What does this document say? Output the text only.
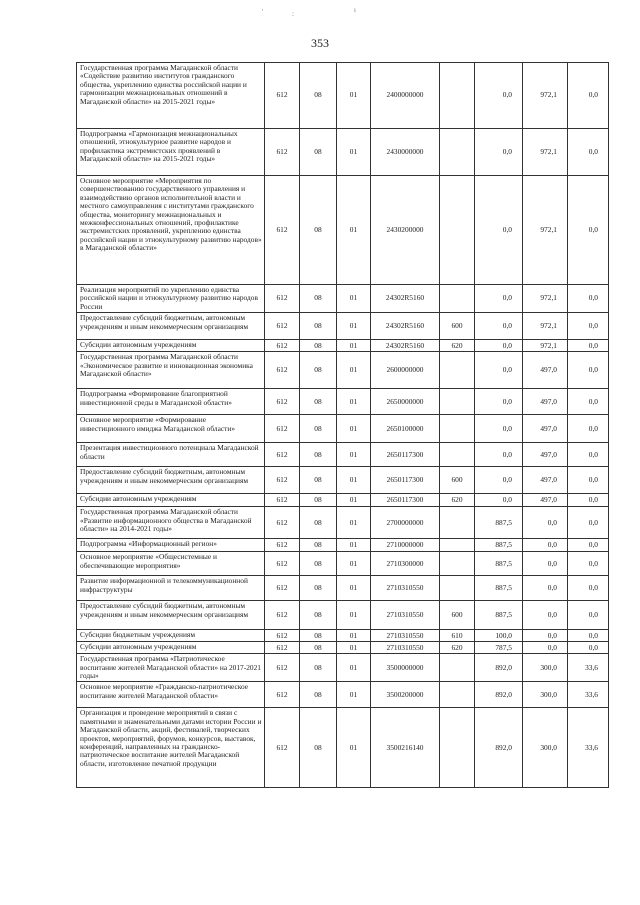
'	:	ι
353
Государственная программа Магаданской области «Содействие развитию институтов гражданского общества, укреплению единства российской нации и гармонизации межнациональных отношений в Магаданской области» на 2015-2021 годы»	612	08	01	2400000000		0,0	972,1	0,0
Подпрограмма «Гармонизация межнациональных отношений, этнокультурное развитие народов и профилактика экстремистских проявлений в Магаданской области» на 2015-2021 годы»	612	08	01	2430000000		0,0	972,1	0,0
Основное мероприятие «Мероприятия по совершенствованию государственного управления и взаимодействию органов исполнительной власти и местного самоуправления с институтами гражданского общества, мониторингу межнациональных и межконфессиональных отношений, профилактике экстремистских проявлений, укреплению единства российской нации и этнокультурному развитию народов» в Магаданской области»	612	08	01	2430200000		0,0	972,1	0,0
Реализация мероприятий по укреплению единства российской нации и этнокультурному развитию народов России	612	08	01	24302R5160		0,0	972,1	0,0
Предоставление субсидий бюджетным, автономным учреждениям и иным некоммерческим организациям	612	08	01	24302R5160	600	0,0	972,1	0,0
Субсидии автономным учреждениям	612	08	01	24302R5160	620	0,0	972,1	0,0
Государственная программа Магаданской области «Экономическое развитие и инновационная экономика Магаданской области»	612	08	01	2600000000		0,0	497,0	0,0
Подпрограмма «Формирование благоприятной инвестиционной среды в Магаданской области»	612	08	01	2650000000		0,0	497,0	0,0
Основное мероприятие «Формирование инвестиционного имиджа Магаданской области»	612	08	01	2650100000		0,0	497,0	0,0
Презентация инвестиционного потенциала Магаданской области	612	08	01	2650117300		0,0	497,0	0,0
Предоставление субсидий бюджетным, автономным учреждениям и иным некоммерческим организациям	612	08	01	2650117300	600	0,0	497,0	0,0
Субсидии автономным учреждениям	612	08	01	2650117300	620	0,0	497,0	0,0
Государственная программа Магаданской области «Развитие информационного общества в Магаданской области» на 2014-2021 годы»	612	08	01	2700000000		887,5	0,0	0,0
Подпрограмма «Информационный регион»	612	08	01	2710000000		887,5	0,0	0,0
Основное мероприятие «Общесистемные и обеспечивающие мероприятия»	612	08	01	2710300000		887,5	0,0	0,0
Развитие информационной и телекоммуникационной инфраструктуры	612	08	01	2710310550		887,5	0,0	0,0
Предоставление субсидий бюджетным, автономным учреждениям и иным некоммерческим организациям	612	08	01	2710310550	600	887,5	0,0	0,0
Субсидии бюджетным учреждениям	612	08	01	2710310550	610	100,0	0,0	0,0
Субсидии автономным учреждениям	612	08	01	2710310550	620	787,5	0,0	0,0
Государственная программа «Патриотическое воспитание жителей Магаданской области» на 2017-2021 годы»	612	08	01	3500000000		892,0	300,0	33,6
Основное мероприятие «Гражданско-патриотическое воспитание жителей Магаданской области»	612	08	01	3500200000		892,0	300,0	33,6
Организация и проведение мероприятий в связи с памятными и знаменательными датами истории России и Магаданской области, акций, фестивалей, творческих проектов, мероприятий, форумов, конкурсов, выставок, конференций, направленных на гражданско-патриотическое воспитание жителей Магаданской области, изготовление печатной продукции	612	08	01	3500216140		892,0	300,0	33,6
